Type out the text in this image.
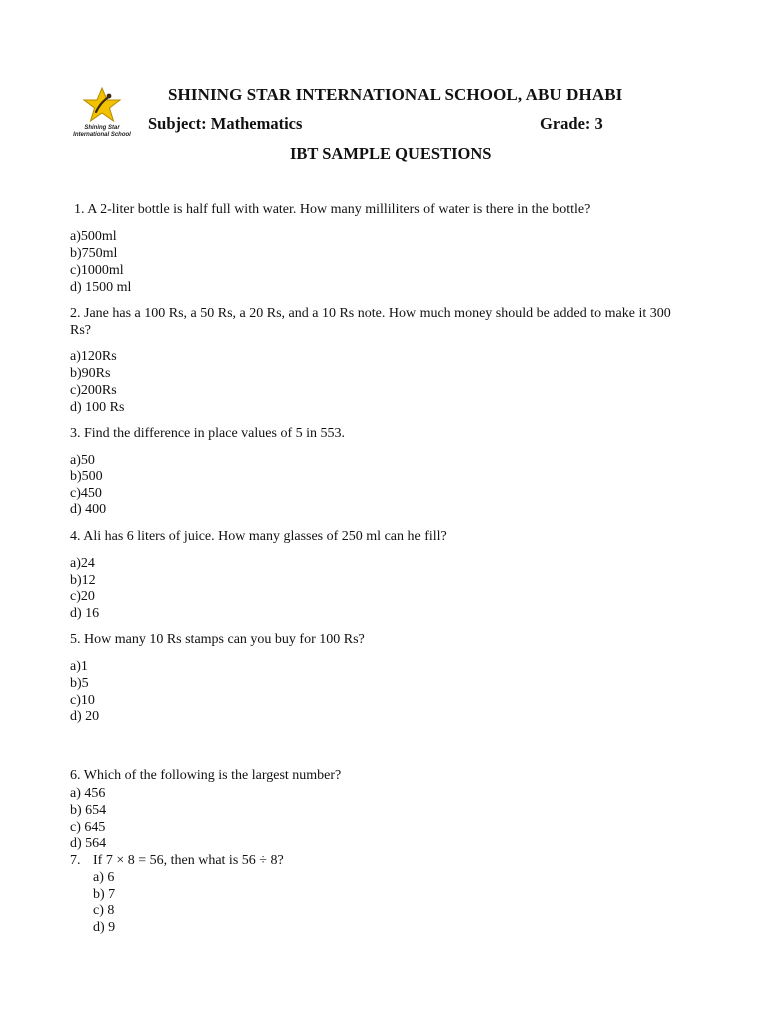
Shining Star
International School
SHINING STAR INTERNATIONAL SCHOOL, ABU DHABI
Subject: Mathematics	Grade: 3
IBT SAMPLE QUESTIONS
1. A 2-liter bottle is half full with water. How many milliliters of water is there in the bottle?
a)500ml
b)750ml
c)1000ml
d) 1500 ml
2. Jane has a 100 Rs, a 50 Rs, a 20 Rs, and a 10 Rs note. How much money should be added to make it 300 Rs?
a)120Rs
b)90Rs
c)200Rs
d) 100 Rs
3. Find the difference in place values of 5 in 553.
a)50
b)500
c)450
d) 400
4. Ali has 6 liters of juice. How many glasses of 250 ml can he fill?
a)24
b)12
c)20
d) 16
5. How many 10 Rs stamps can you buy for 100 Rs?
a)1
b)5
c)10
d) 20
6. Which of the following is the largest number?
a) 456
b) 654
c) 645
d) 564
7. If 7 × 8 = 56, then what is 56 ÷ 8?
a) 6
b) 7
c) 8
d) 9
